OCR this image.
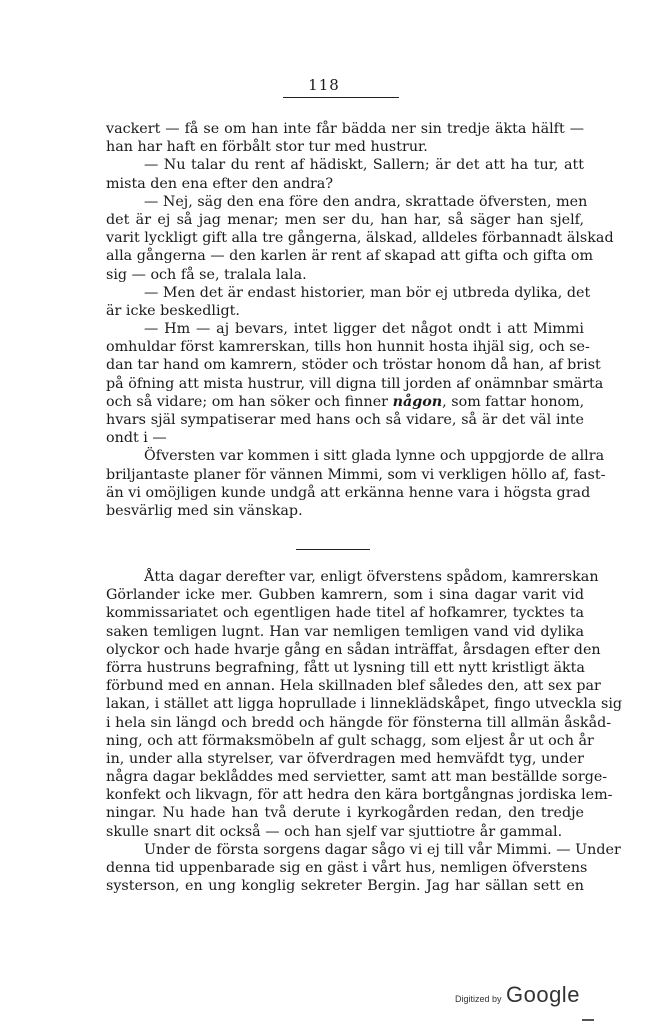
118
vackert — få se om han inte får bädda ner sin tredje äkta hälft —
han har haft en förbålt stor tur med hustrur.
— Nu talar du rent af hädiskt, Sallern; är det att ha tur, att
mista den ena efter den andra?
— Nej, säg den ena före den andra, skrattade öfversten, men
det är ej så jag menar; men ser du, han har, så säger han sjelf,
varit lyckligt gift alla tre gångerna, älskad, alldeles förbannadt älskad
alla gångerna — den karlen är rent af skapad att gifta och gifta om
sig — och få se, tralala lala.
— Men det är endast historier, man bör ej utbreda dylika, det
är icke beskedligt.
— Hm — aj bevars, intet ligger det något ondt i att Mimmi
omhuldar först kamrerskan, tills hon hunnit hosta ihjäl sig, och se-
dan tar hand om kamrern, stöder och tröstar honom då han, af brist
på öfning att mista hustrur, vill digna till jorden af onämnbar smärta
och så vidare; om han söker och finner någon, som fattar honom,
hvars själ sympatiserar med hans och så vidare, så är det väl inte
ondt i —
Öfversten var kommen i sitt glada lynne och uppgjorde de allra
briljantaste planer för vännen Mimmi, som vi verkligen höllo af, fast-
än vi omöjligen kunde undgå att erkänna henne vara i högsta grad
besvärlig med sin vänskap.
Åtta dagar derefter var, enligt öfverstens spådom, kamrerskan
Görlander icke mer. Gubben kamrern, som i sina dagar varit vid
kommissariatet och egentligen hade titel af hofkamrer, tycktes ta
saken temligen lugnt. Han var nemligen temligen vand vid dylika
olyckor och hade hvarje gång en sådan inträffat, årsdagen efter den
förra hustruns begrafning, fått ut lysning till ett nytt kristligt äkta
förbund med en annan. Hela skillnaden blef således den, att sex par
lakan, i stället att ligga hoprullade i linneklädskåpet, fingo utveckla sig
i hela sin längd och bredd och hängde för fönsterna till allmän åskåd-
ning, och att förmaksmöbeln af gult schagg, som eljest år ut och år
in, under alla styrelser, var öfverdragen med hemväfdt tyg, under
några dagar beklåddes med servietter, samt att man beställde sorge-
konfekt och likvagn, för att hedra den kära bortgångnas jordiska lem-
ningar. Nu hade han två derute i kyrkogården redan, den tredje
skulle snart dit också — och han sjelf var sjuttiotre år gammal.
Under de första sorgens dagar sågo vi ej till vår Mimmi. — Under
denna tid uppenbarade sig en gäst i vårt hus, nemligen öfverstens
systerson, en ung konglig sekreter Bergin. Jag har sällan sett en
Digitized by Google
